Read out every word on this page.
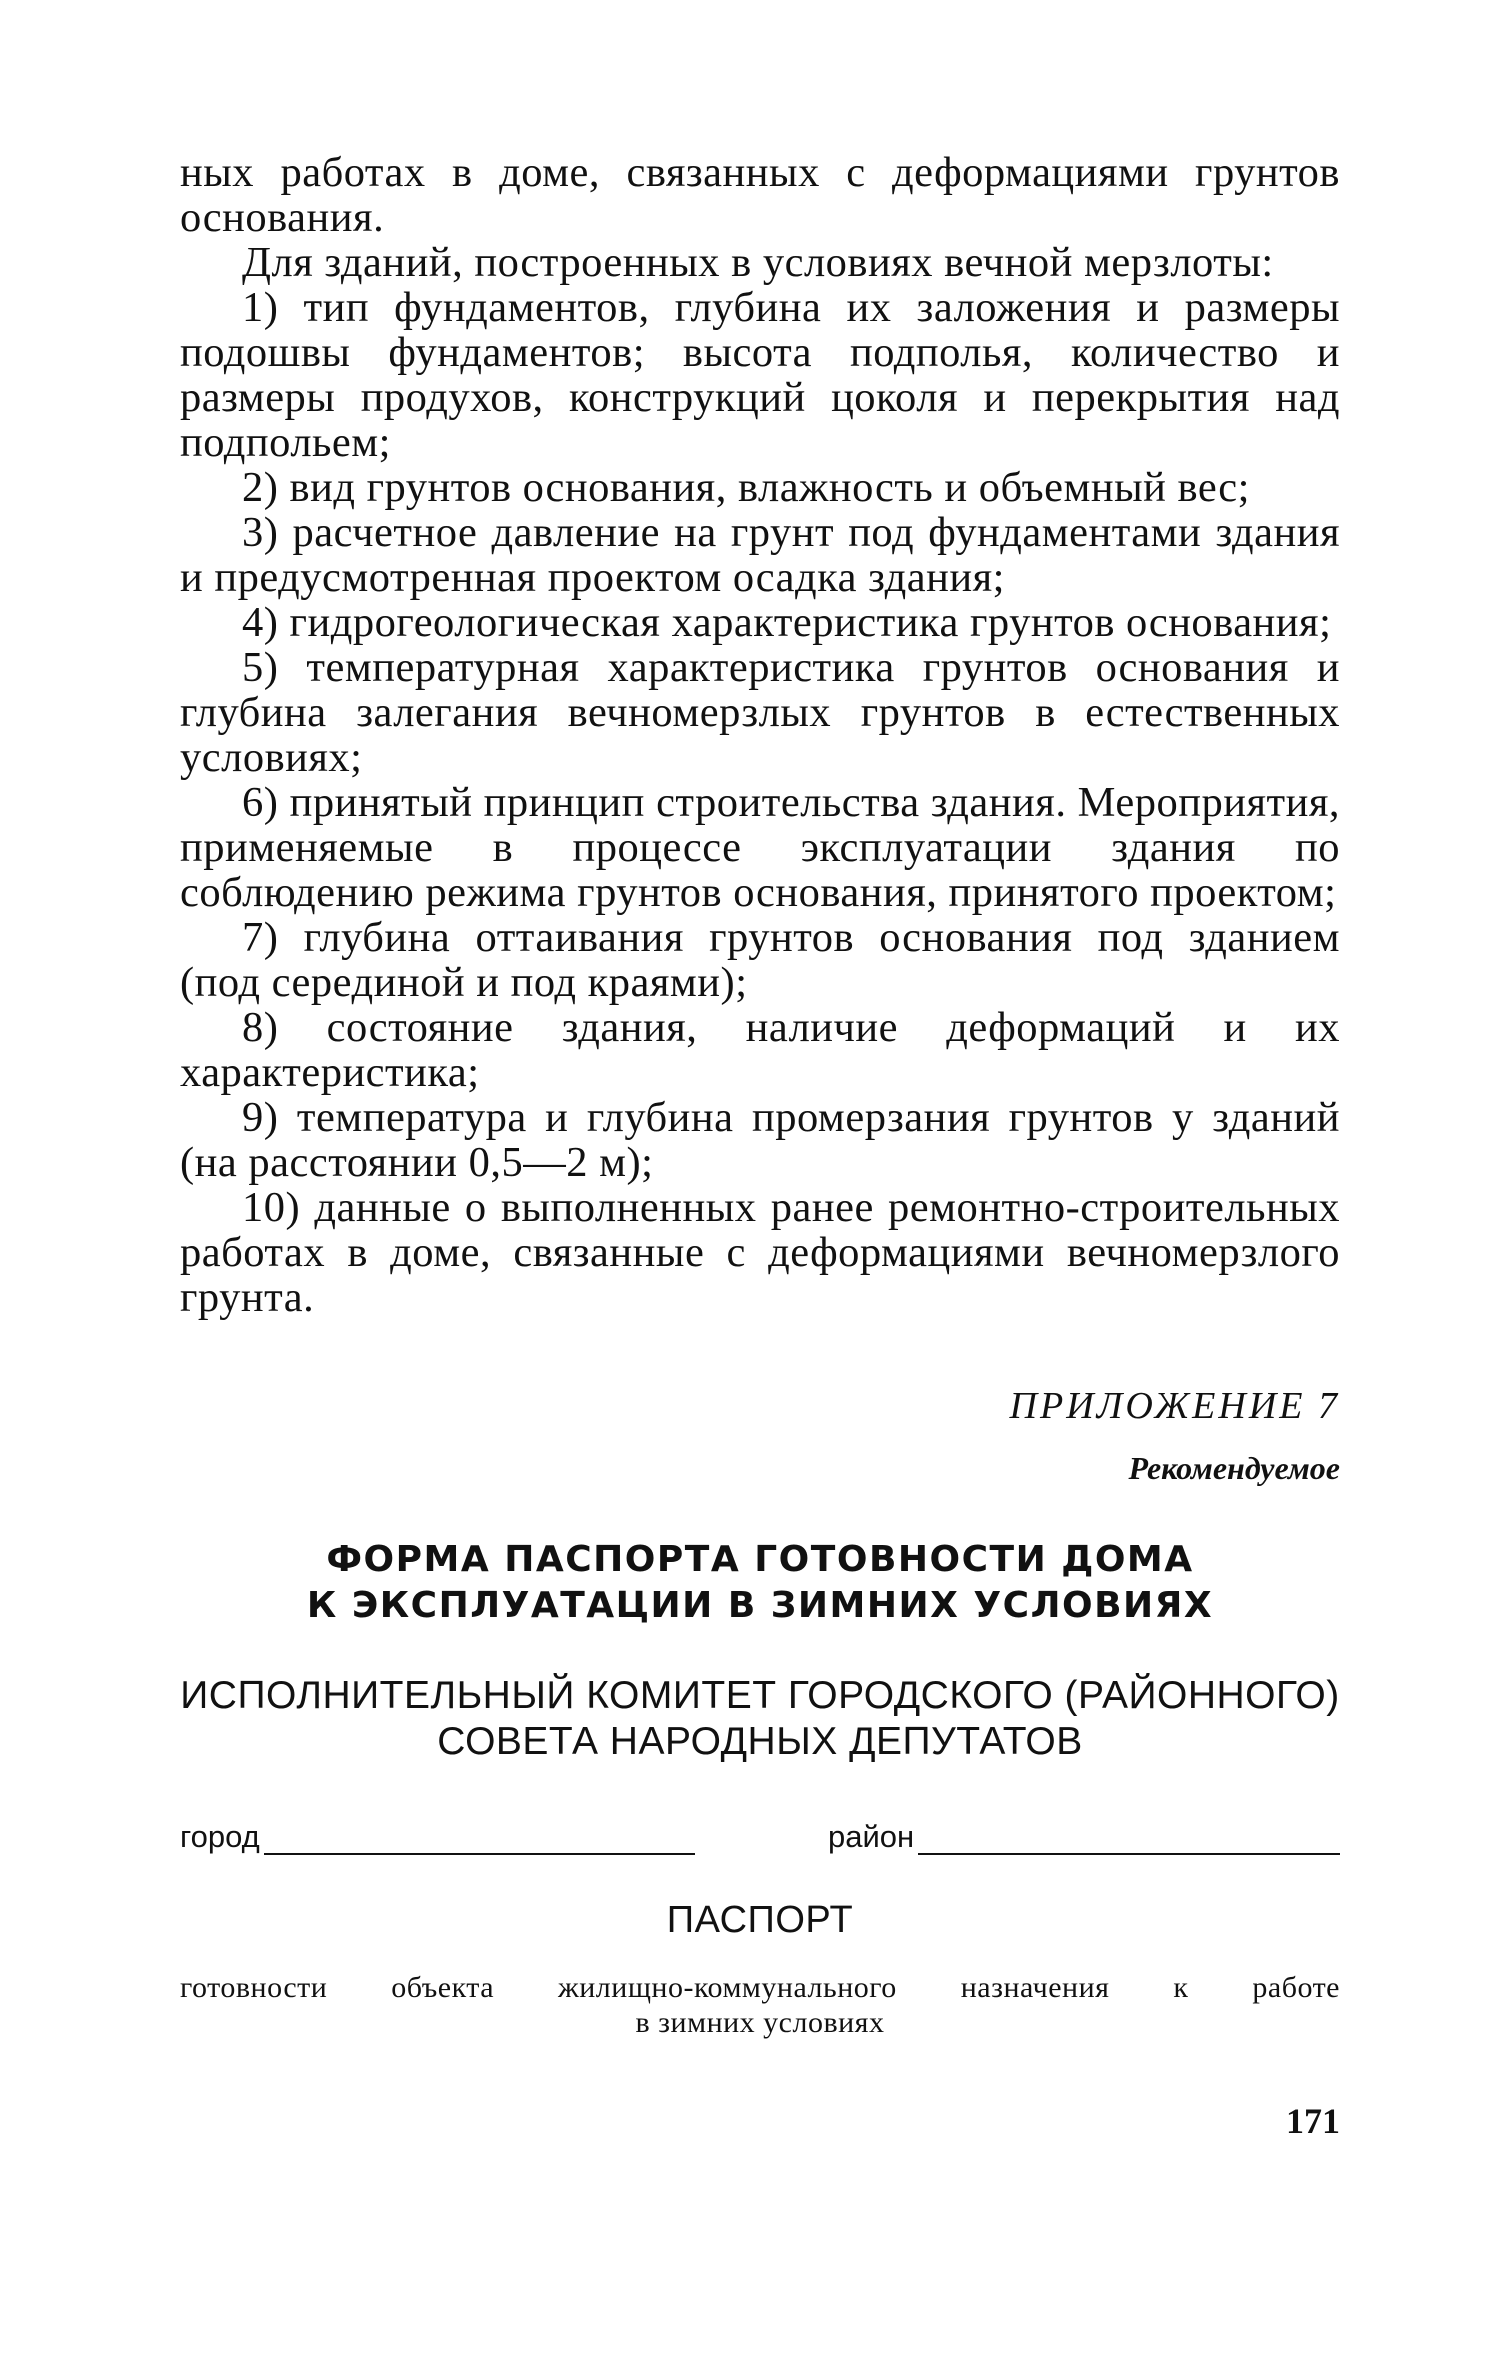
ных работах в доме, связанных с деформациями грунтов основания.

Для зданий, построенных в условиях вечной мерзлоты:

1) тип фундаментов, глубина их заложения и размеры подошвы фундаментов; высота подполья, количество и размеры продухов, конструкций цоколя и перекрытия над подпольем;

2) вид грунтов основания, влажность и объемный вес;

3) расчетное давление на грунт под фундаментами здания и предусмотренная проектом осадка здания;

4) гидрогеологическая характеристика грунтов основания;

5) температурная характеристика грунтов основания и глубина залегания вечномерзлых грунтов в естественных условиях;

6) принятый принцип строительства здания. Мероприятия, применяемые в процессе эксплуатации здания по соблюдению режима грунтов основания, принятого проектом;

7) глубина оттаивания грунтов основания под зданием (под серединой и под краями);

8) состояние здания, наличие деформаций и их характеристика;

9) температура и глубина промерзания грунтов у зданий (на расстоянии 0,5—2 м);

10) данные о выполненных ранее ремонтно-строительных работах в доме, связанные с деформациями вечномерзлого грунта.

ПРИЛОЖЕНИЕ 7
Рекомендуемое
ФОРМА ПАСПОРТА ГОТОВНОСТИ ДОМА
К ЭКСПЛУАТАЦИИ В ЗИМНИХ УСЛОВИЯХ
ИСПОЛНИТЕЛЬНЫЙ КОМИТЕТ ГОРОДСКОГО (РАЙОННОГО)
СОВЕТА НАРОДНЫХ ДЕПУТАТОВ
город	район
ПАСПОРТ
готовности объекта жилищно-коммунального назначения к работе
в зимних условиях
171
